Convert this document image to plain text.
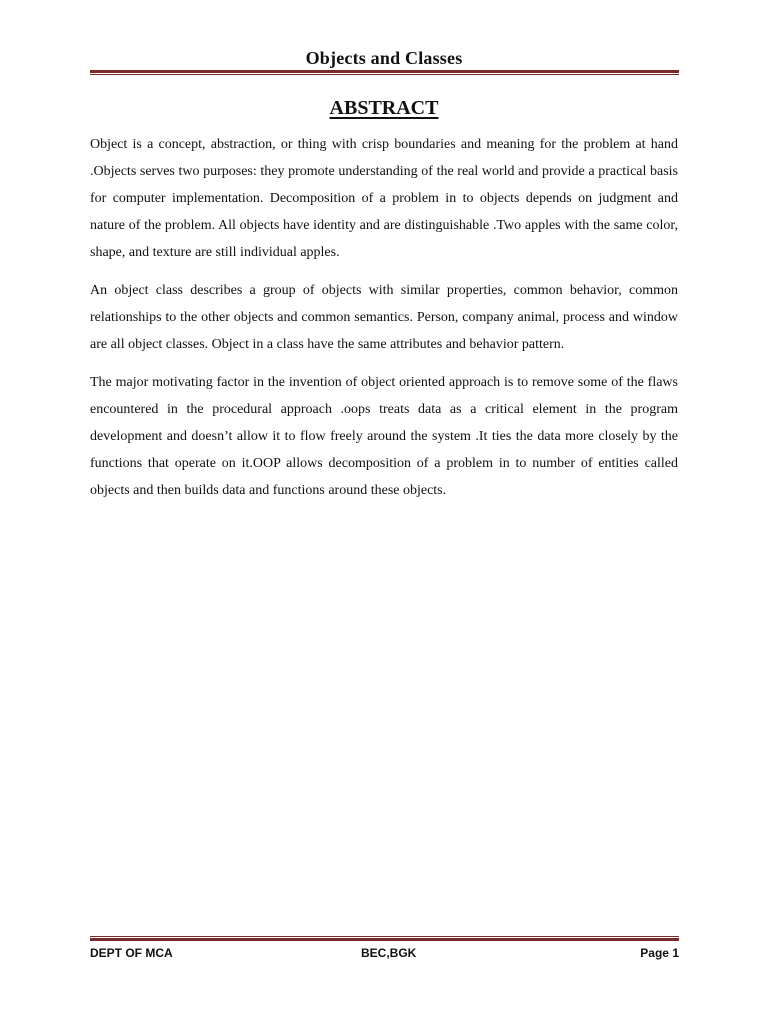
Objects and Classes
ABSTRACT

Object is a concept, abstraction, or thing with crisp boundaries and meaning for the problem at hand .Objects serves two purposes: they promote understanding of the real world and provide a practical basis for computer implementation. Decomposition of a problem in to objects depends on judgment and nature of the problem. All objects have identity and are distinguishable .Two apples with the same color, shape, and texture are still individual apples.

An object class describes a group of objects with similar properties, common behavior, common relationships to the other objects and common semantics. Person, company animal, process and window are all object classes. Object in a class have the same attributes and behavior pattern.

The major motivating factor in the invention of object oriented approach is to remove some of the flaws encountered in the procedural approach .oops treats data as a critical element in the program development and doesn’t allow it to flow freely around the system .It ties the data more closely by the functions that operate on it.OOP allows decomposition of a problem in to number of entities called objects and then builds data and functions around these objects.

DEPT OF MCA	BEC,BGK	Page 1
